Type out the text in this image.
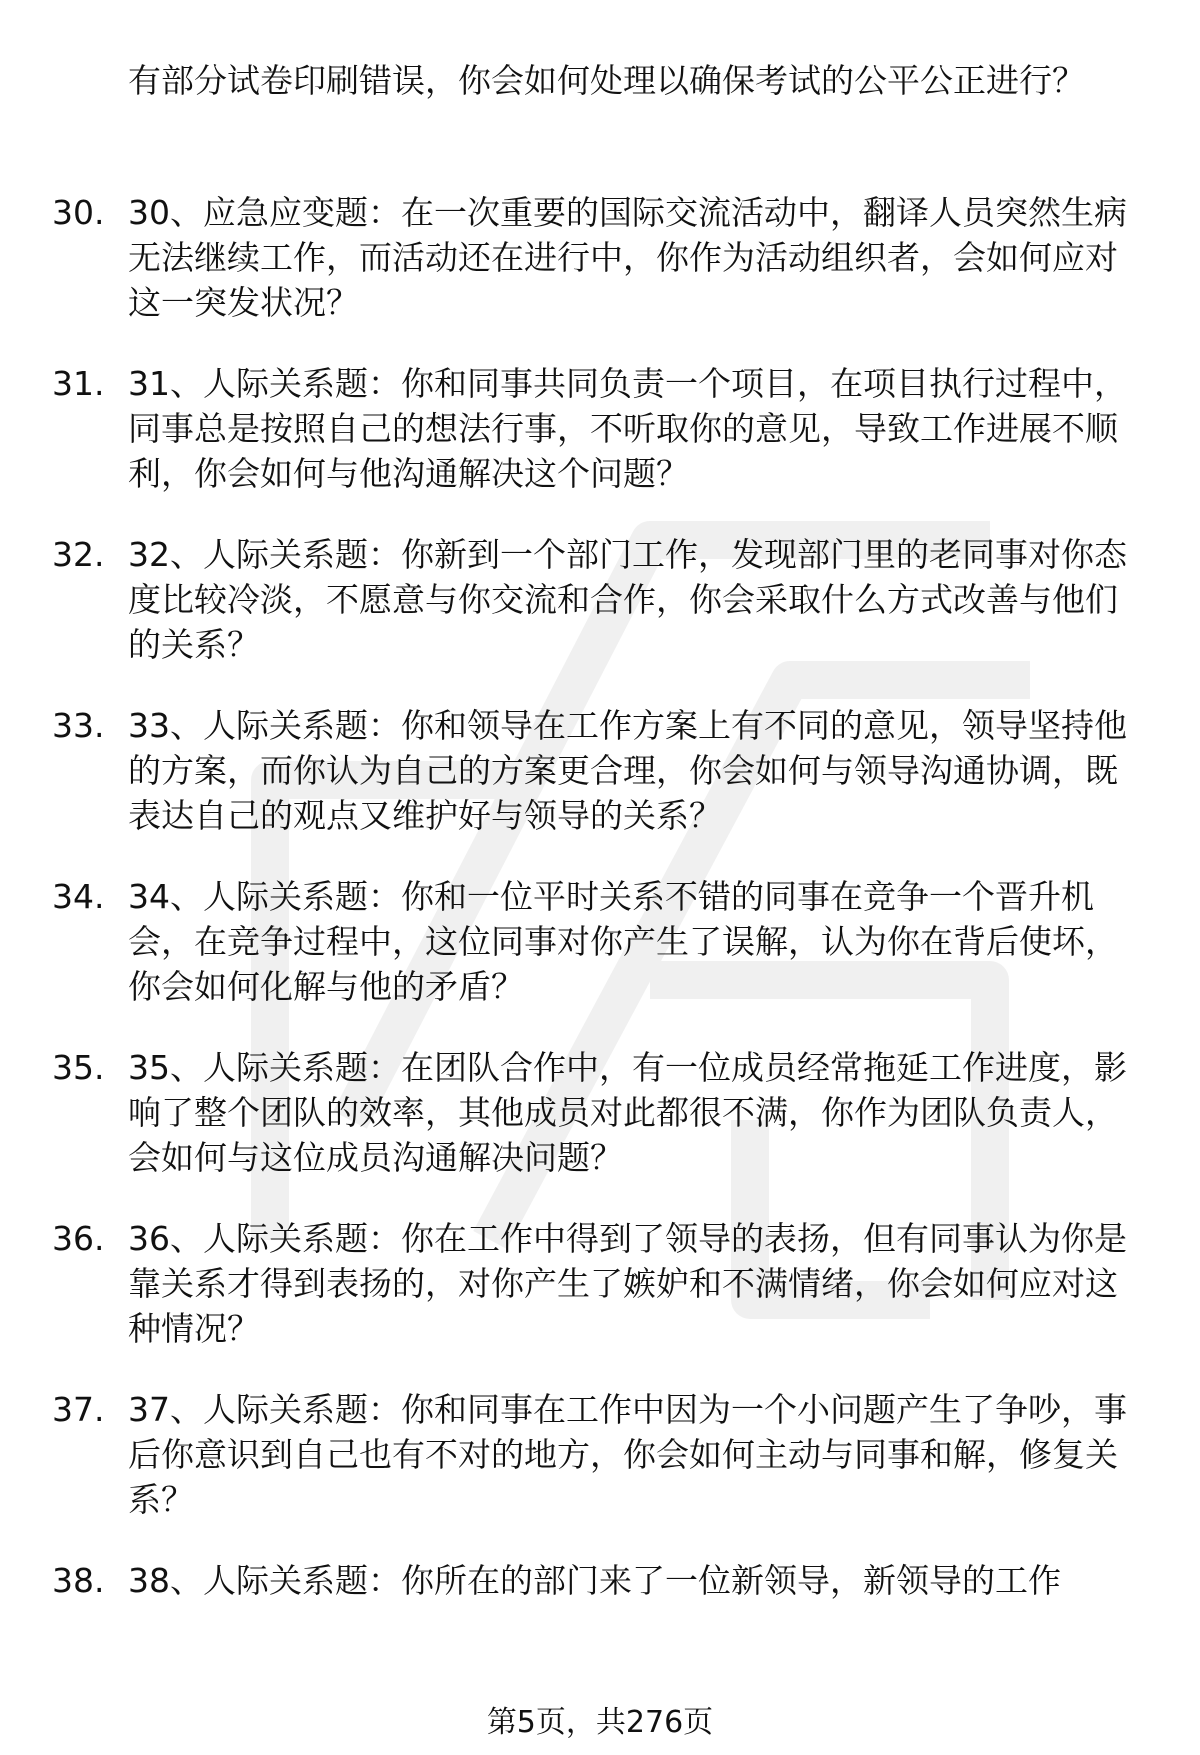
有部分试卷印刷错误，你会如何处理以确保考试的公平公正进行？

30. 30、应急应变题：在一次重要的国际交流活动中，翻译人员突然生病无法继续工作，而活动还在进行中，你作为活动组织者，会如何应对这一突发状况？
31. 31、人际关系题：你和同事共同负责一个项目，在项目执行过程中，同事总是按照自己的想法行事，不听取你的意见，导致工作进展不顺利，你会如何与他沟通解决这个问题？
32. 32、人际关系题：你新到一个部门工作，发现部门里的老同事对你态度比较冷淡，不愿意与你交流和合作，你会采取什么方式改善与他们的关系？
33. 33、人际关系题：你和领导在工作方案上有不同的意见，领导坚持他的方案，而你认为自己的方案更合理，你会如何与领导沟通协调，既表达自己的观点又维护好与领导的关系？
34. 34、人际关系题：你和一位平时关系不错的同事在竞争一个晋升机会，在竞争过程中，这位同事对你产生了误解，认为你在背后使坏，你会如何化解与他的矛盾？
35. 35、人际关系题：在团队合作中，有一位成员经常拖延工作进度，影响了整个团队的效率，其他成员对此都很不满，你作为团队负责人，会如何与这位成员沟通解决问题？
36. 36、人际关系题：你在工作中得到了领导的表扬，但有同事认为你是靠关系才得到表扬的，对你产生了嫉妒和不满情绪，你会如何应对这种情况？
37. 37、人际关系题：你和同事在工作中因为一个小问题产生了争吵，事后你意识到自己也有不对的地方，你会如何主动与同事和解，修复关系？
38. 38、人际关系题：你所在的部门来了一位新领导，新领导的工作
第5页，共276页
